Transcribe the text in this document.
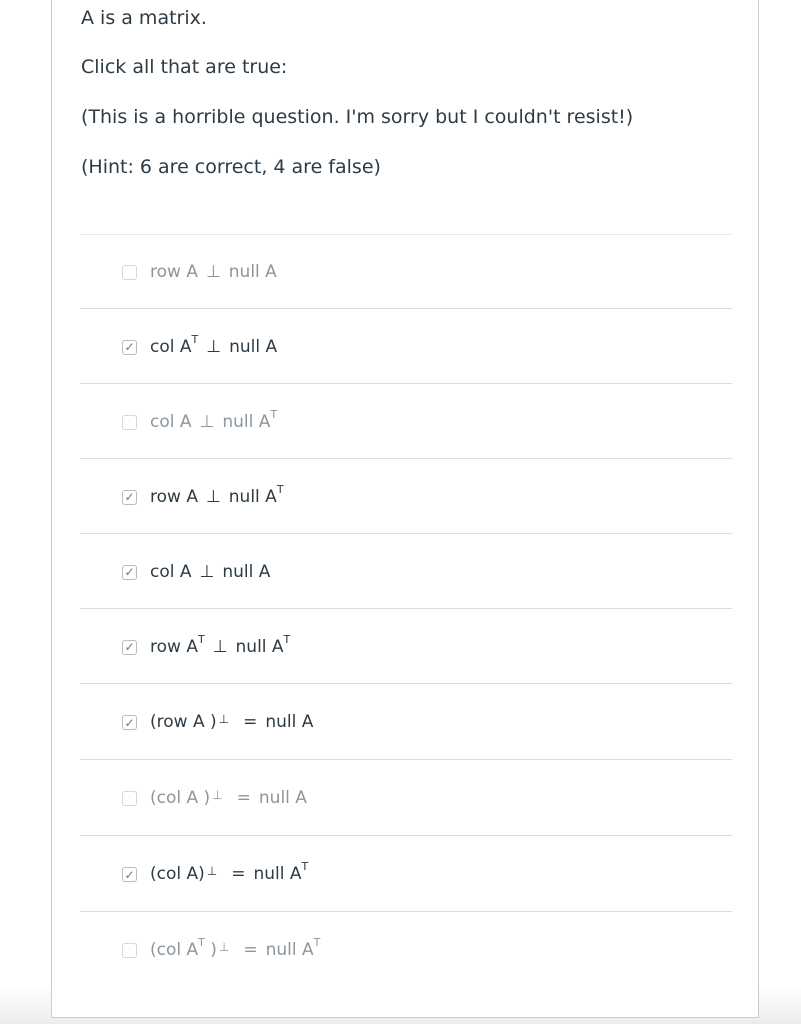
A is a matrix.
Click all that are true:
(This is a horrible question. I'm sorry but I couldn't resist!)
(Hint: 6 are correct, 4 are false)
row A ⊥ null A
✓ col $A^T$ ⊥ null A
col A ⊥ null $A^T$
✓ row A ⊥ null $A^T$
✓ col A ⊥ null A
✓ row $A^T$ ⊥ null $A^T$
✓ (row A ) ⊥ = null A
(col A ) ⊥ = null A
✓ (col A) ⊥ = null $A^T$
(col $A^T$ ) ⊥ = null $A^T$
